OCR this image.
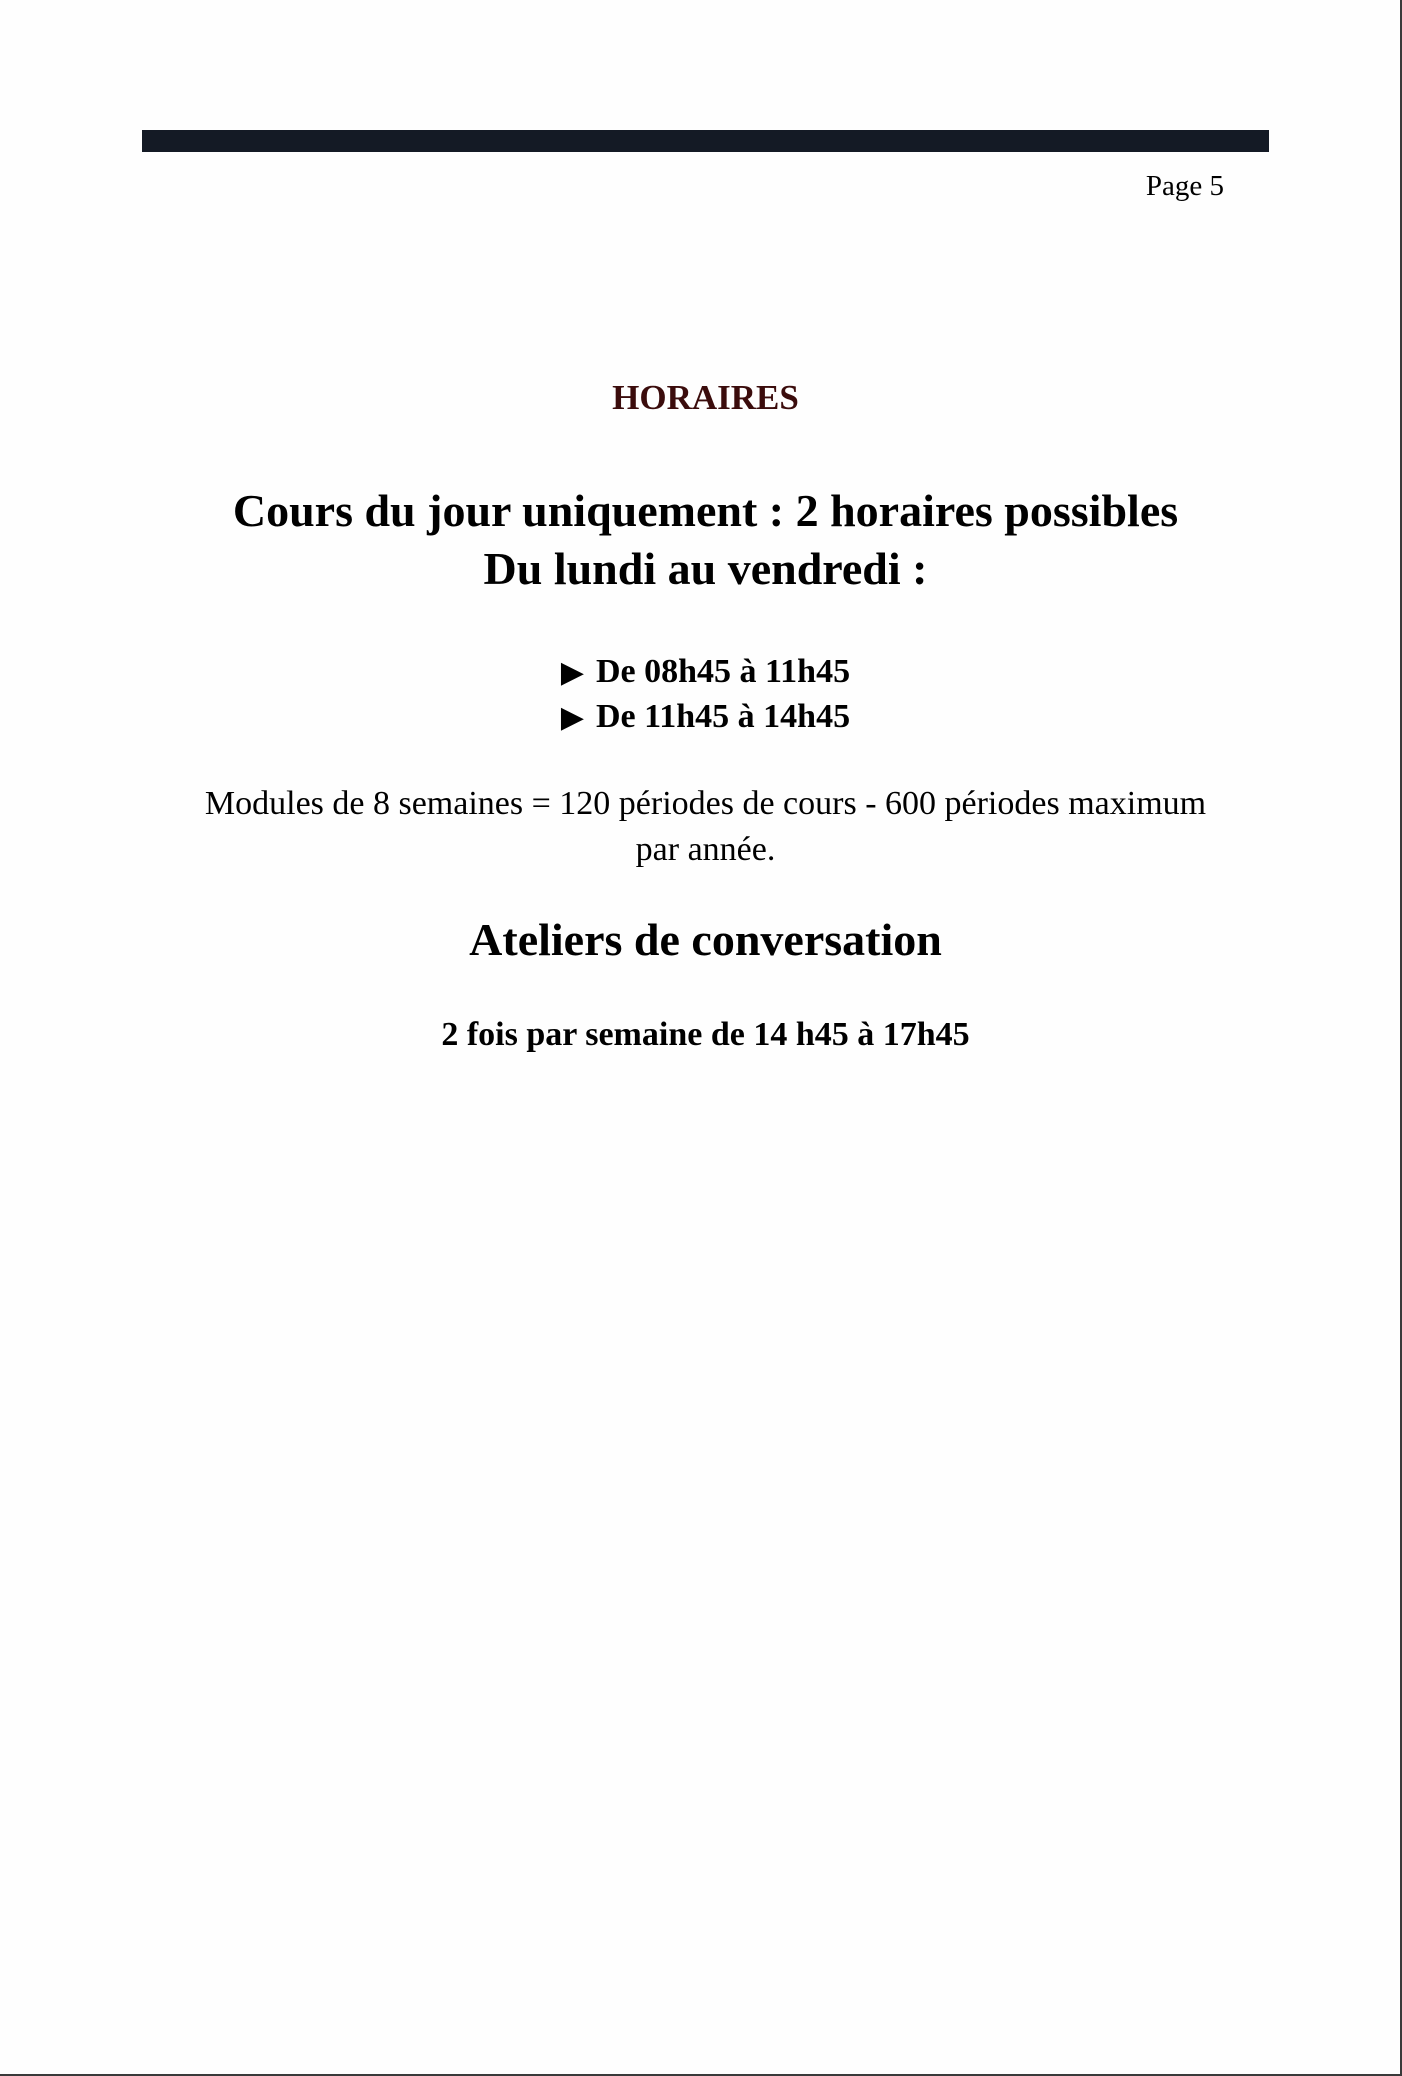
Page 5
HORAIRES
Cours du jour uniquement : 2 horaires possibles
Du lundi au vendredi :
▶ De 08h45 à 11h45
▶ De 11h45 à 14h45
Modules de 8 semaines = 120 périodes de cours - 600 périodes maximum par année.
Ateliers de conversation
2 fois par semaine de 14 h45 à 17h45
